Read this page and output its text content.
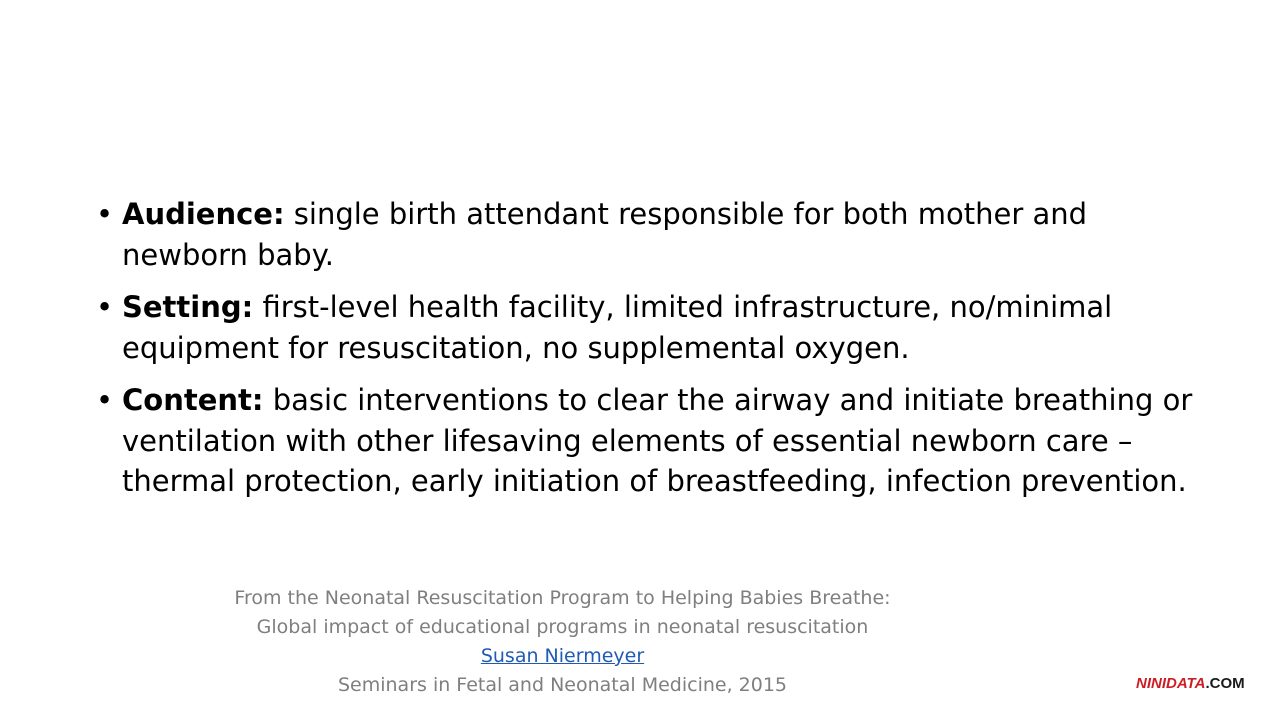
• Audience: single birth attendant responsible for both mother and newborn baby.
• Setting: first-level health facility, limited infrastructure, no/minimal equipment for resuscitation, no supplemental oxygen.
• Content: basic interventions to clear the airway and initiate breathing or ventilation with other lifesaving elements of essential newborn care – thermal protection, early initiation of breastfeeding, infection prevention.
From the Neonatal Resuscitation Program to Helping Babies Breathe:
Global impact of educational programs in neonatal resuscitation
Susan Niermeyer
Seminars in Fetal and Neonatal Medicine, 2015	NINIDATA.COM
